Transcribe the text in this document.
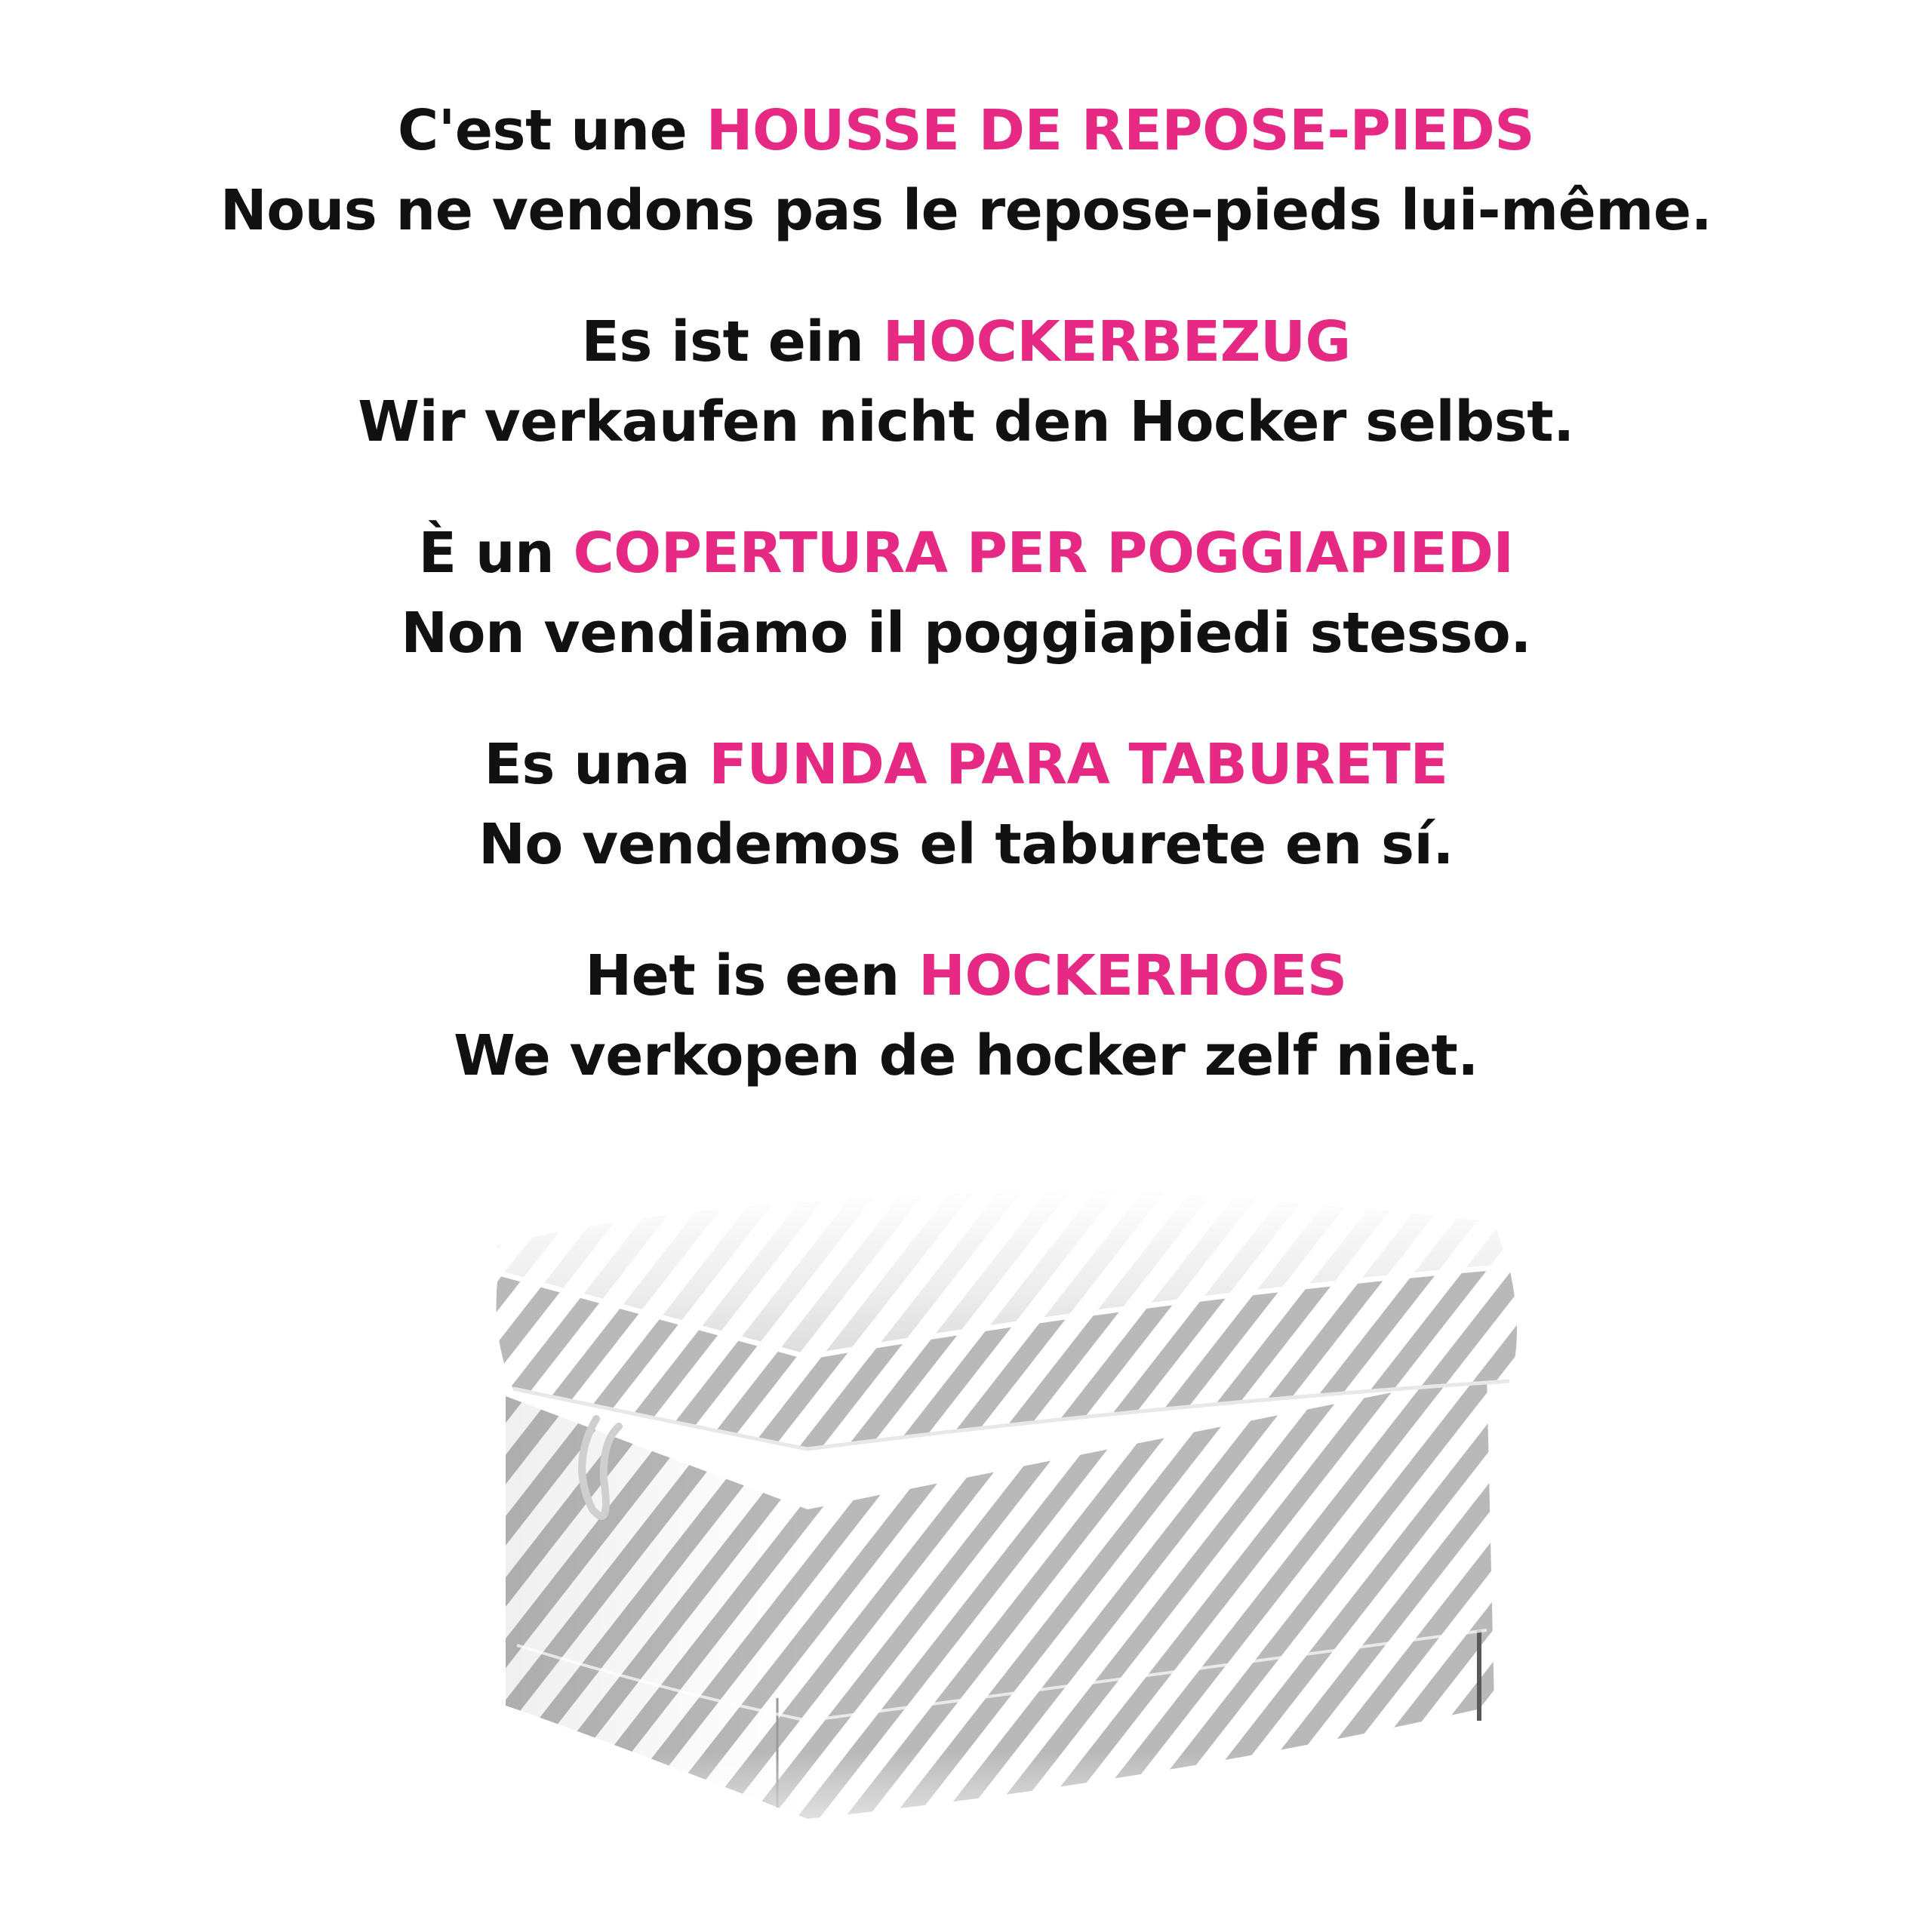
C'est une HOUSSE DE REPOSE-PIEDS
Nous ne vendons pas le repose-pieds lui-même.
Es ist ein HOCKERBEZUG
Wir verkaufen nicht den Hocker selbst.
È un COPERTURA PER POGGIAPIEDI
Non vendiamo il poggiapiedi stesso.
Es una FUNDA PARA TABURETE
No vendemos el taburete en sí.
Het is een HOCKERHOES
We verkopen de hocker zelf niet.
